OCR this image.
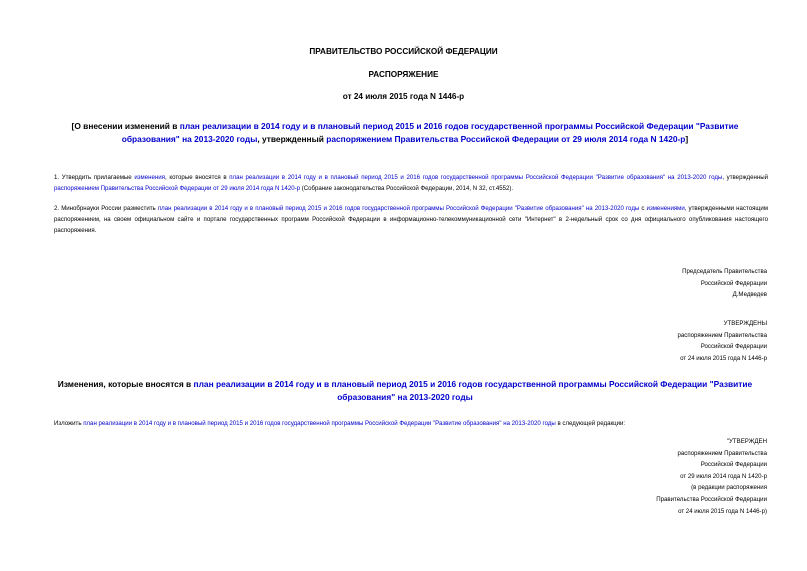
ПРАВИТЕЛЬСТВО РОССИЙСКОЙ ФЕДЕРАЦИИ
РАСПОРЯЖЕНИЕ
от 24 июля 2015 года N 1446-р
[О внесении изменений в план реализации в 2014 году и в плановый период 2015 и 2016 годов государственной программы Российской Федерации "Развитие образования" на 2013-2020 годы, утвержденный распоряжением Правительства Российской Федерации от 29 июля 2014 года N 1420-р]
1. Утвердить прилагаемые изменения, которые вносятся в план реализации в 2014 году и в плановый период 2015 и 2016 годов государственной программы Российской Федерации "Развитие образования" на 2013-2020 годы, утвержденный распоряжением Правительства Российской Федерации от 29 июля 2014 года N 1420-р (Собрание законодательства Российской Федерации, 2014, N 32, ст.4552).
2. Минобрнауки России разместить план реализации в 2014 году и в плановый период 2015 и 2016 годов государственной программы Российской Федерации "Развитие образования" на 2013-2020 годы с изменениями, утвержденными настоящим распоряжением, на своем официальном сайте и портале государственных программ Российской Федерации в информационно-телекоммуникационной сети "Интернет" в 2-недельный срок со дня официального опубликования настоящего распоряжения.
Председатель Правительства
Российской Федерации
Д.Медведев
УТВЕРЖДЕНЫ
распоряжением Правительства
Российской Федерации
от 24 июля 2015 года N 1446-р
Изменения, которые вносятся в план реализации в 2014 году и в плановый период 2015 и 2016 годов государственной программы Российской Федерации "Развитие образования" на 2013-2020 годы
Изложить план реализации в 2014 году и в плановый период 2015 и 2016 годов государственной программы Российской Федерации "Развитие образования" на 2013-2020 годы в следующей редакции:
"УТВЕРЖДЕН
распоряжением Правительства
Российской Федерации
от 29 июля 2014 года N 1420-р
(в редакции распоряжения
Правительства Российской Федерации
от 24 июля 2015 года N 1446-р)
